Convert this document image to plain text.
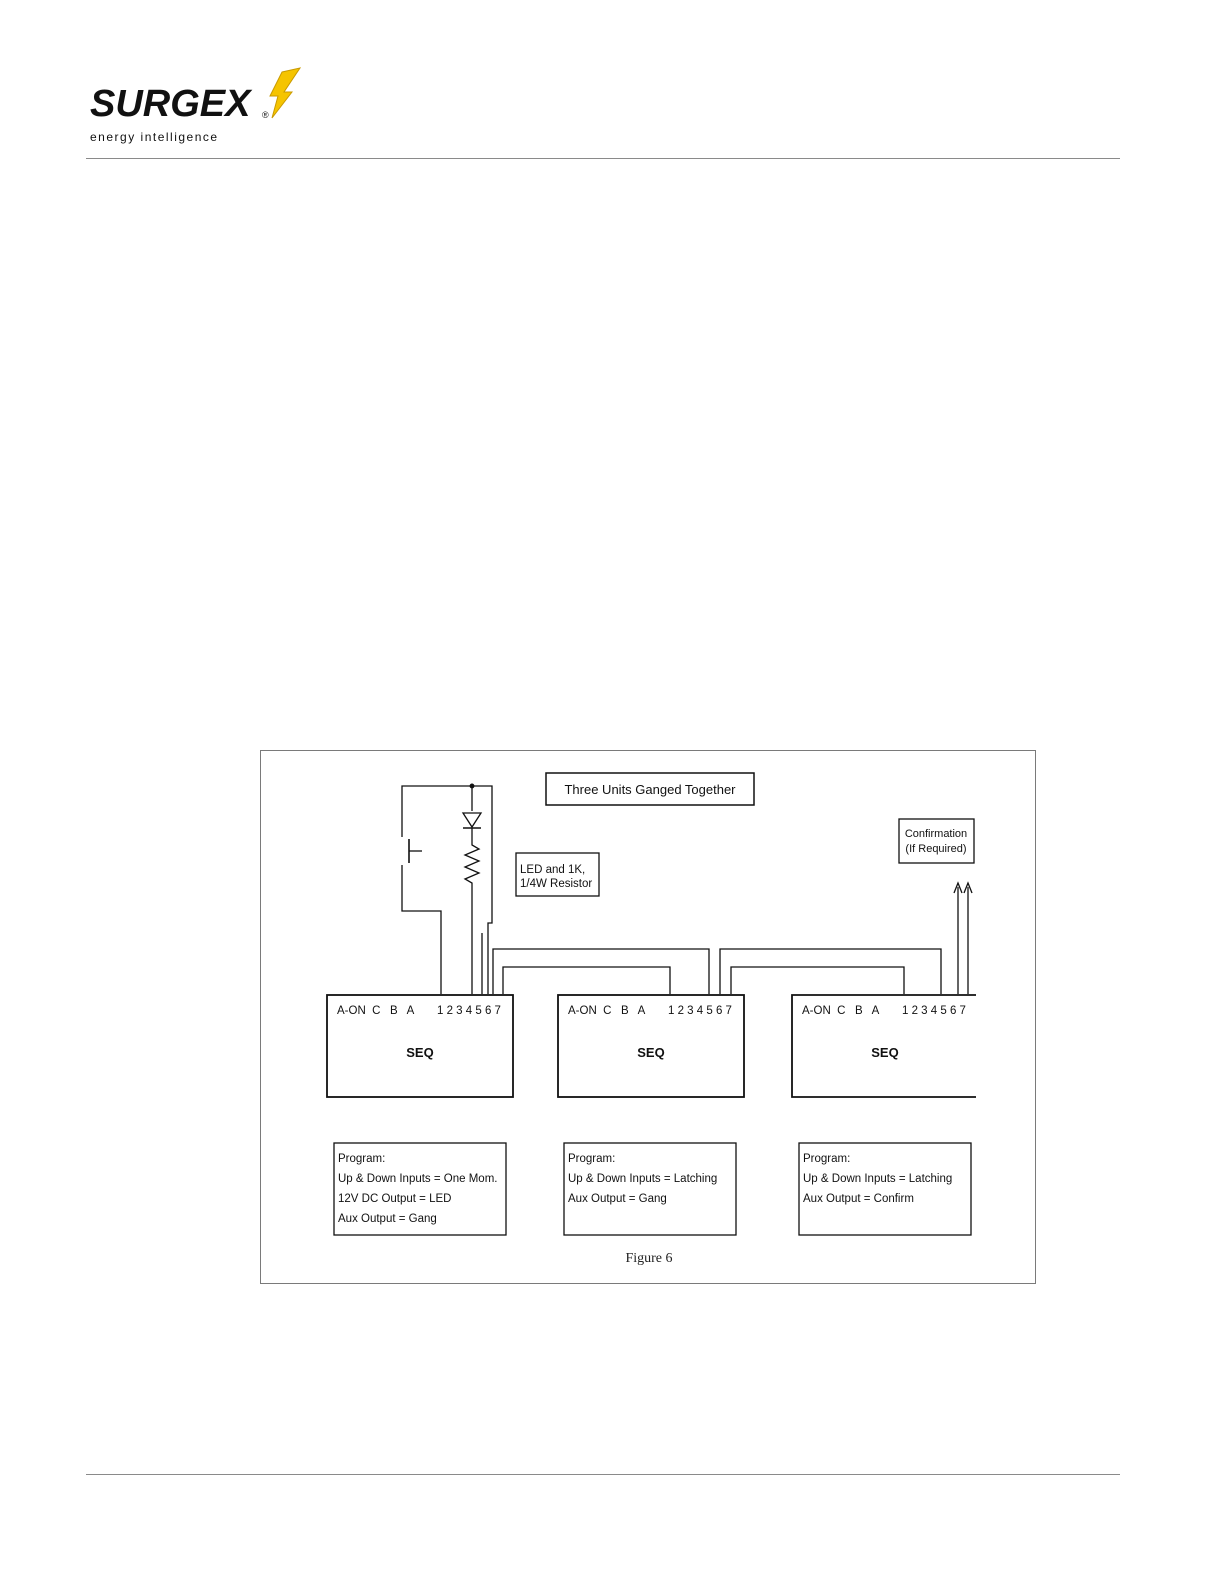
SURGEX ®
energy intelligence
Three Units Ganged Together
LED and 1K,
1/4W Resistor
Confirmation
(If Required)
A-ON  C   B   A 1 2 3 4 5 6 7
SEQ
A-ON  C   B   A 1 2 3 4 5 6 7
SEQ
A-ON  C   B   A 1 2 3 4 5 6 7
SEQ
Program:
Up & Down Inputs = One Mom.
12V DC Output = LED
Aux Output = Gang
Program:
Up & Down Inputs = Latching
Aux Output = Gang
Program:
Up & Down Inputs = Latching
Aux Output = Confirm
Figure 6
